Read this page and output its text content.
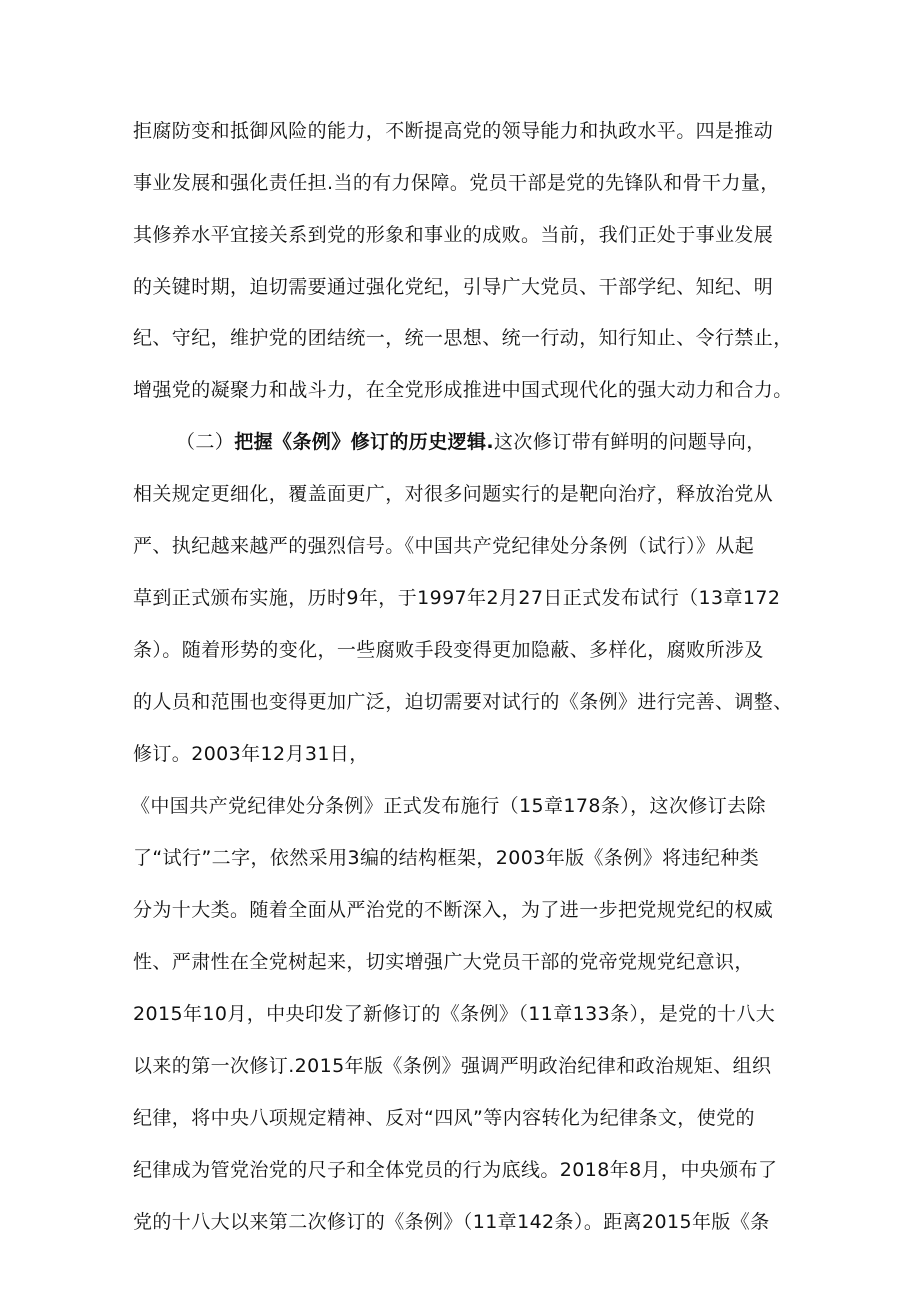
拒腐防变和抵御风险的能力，不断提高党的领导能力和执政水平。四是推动
事业发展和强化责任担.当的有力保障。党员干部是党的先锋队和骨干力量，
其修养水平宜接关系到党的形象和事业的成败。当前，我们正处于事业发展
的关键时期，迫切需要通过强化党纪，引导广大党员、干部学纪、知纪、明
纪、守纪，维护党的团结统一，统一思想、统一行动，知行知止、令行禁止，
增强党的凝聚力和战斗力，在全党形成推进中国式现代化的强大动力和合力。
（二）把握《条例》修订的历史逻辑.这次修订带有鲜明的问题导向，
相关规定更细化，覆盖面更广，对很多问题实行的是靶向治疗，释放治党从
严、执纪越来越严的强烈信号。《中国共产党纪律处分条例（试行）》从起
草到正式颁布实施，历时9年，于1997年2月27日正式发布试行（13章172
条）。随着形势的变化，一些腐败手段变得更加隐蔽、多样化，腐败所涉及
的人员和范围也变得更加广泛，迫切需要对试行的《条例》进行完善、调整、
修订。2003年12月31日，
《中国共产党纪律处分条例》正式发布施行（15章178条），这次修订去除
了“试行”二字，依然采用3编的结构框架，2003年版《条例》将违纪种类
分为十大类。随着全面从严治党的不断深入，为了进一步把党规党纪的权威
性、严肃性在全党树起来，切实增强广大党员干部的党帝党规党纪意识，
2015年10月，中央印发了新修订的《条例》（11章133条），是党的十八大
以来的第一次修订.2015年版《条例》强调严明政治纪律和政治规矩、组织
纪律，将中央八项规定精神、反对“四风”等内容转化为纪律条文，使党的
纪律成为管党治党的尺子和全体党员的行为底线。2018年8月，中央颁布了
党的十八大以来第二次修订的《条例》（11章142条）。距离2015年版《条
